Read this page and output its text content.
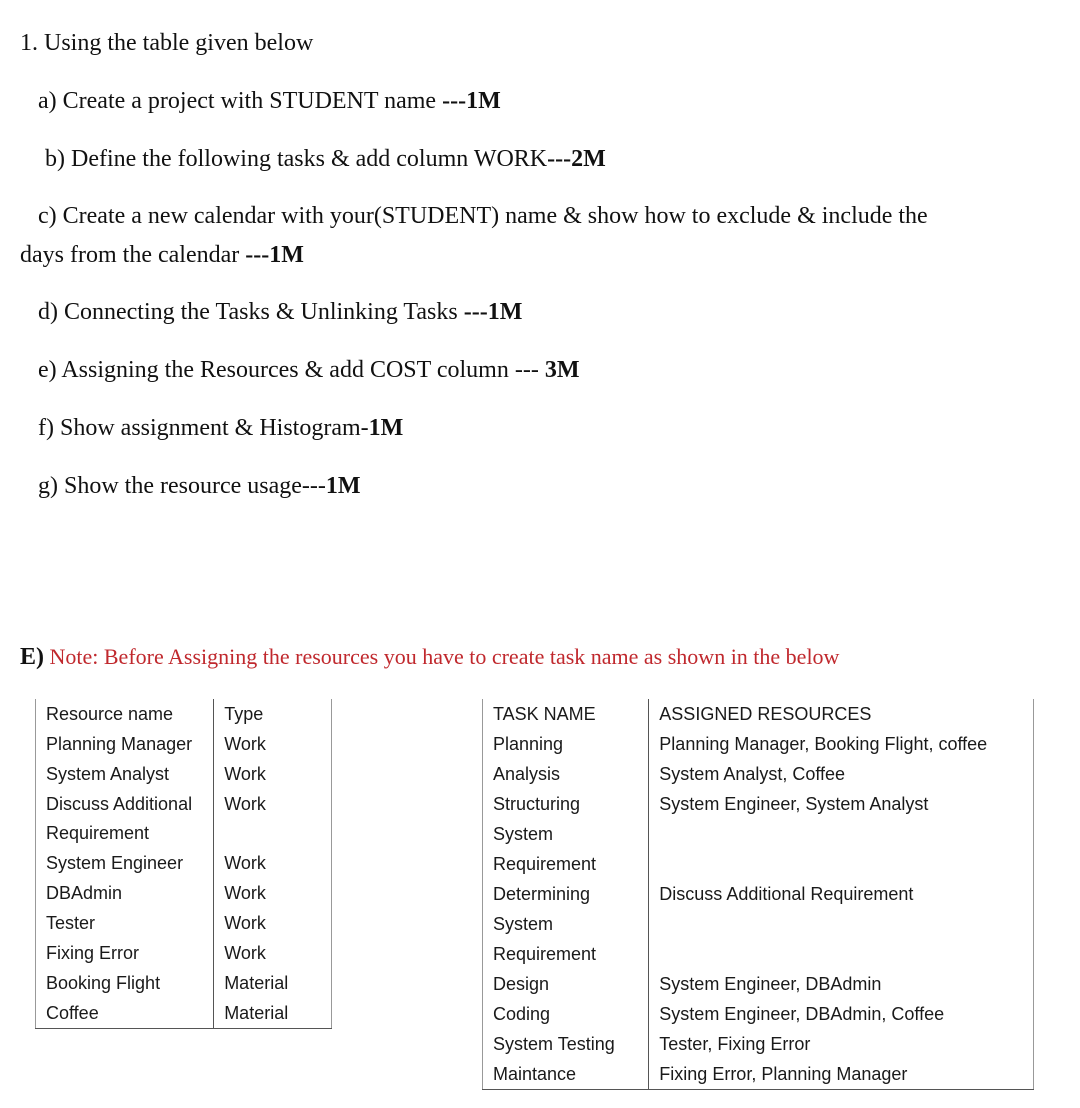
1. Using the table given below
a) Create a project with STUDENT name ---1M
b) Define the following tasks & add column WORK---2M
c) Create a new calendar with your(STUDENT) name & show how to exclude & include the
days from the calendar ---1M
d) Connecting the Tasks & Unlinking Tasks ---1M
e) Assigning the Resources & add COST column --- 3M
f) Show assignment & Histogram-1M
g) Show the resource usage---1M
E) Note: Before Assigning the resources you have to create task name as shown in the below
Resource name	Type
Planning Manager	Work
System Analyst	Work
Discuss Additional	Work
Requirement	
System Engineer	Work
DBAdmin	Work
Tester	Work
Fixing Error	Work
Booking Flight	Material
Coffee	Material
TASK NAME	ASSIGNED RESOURCES
Planning	Planning Manager, Booking Flight, coffee
Analysis	System Analyst, Coffee
Structuring	System Engineer, System Analyst
System	
Requirement	
Determining	Discuss Additional Requirement
System	
Requirement	
Design	System Engineer, DBAdmin
Coding	System Engineer, DBAdmin, Coffee
System Testing	Tester, Fixing Error
Maintance	Fixing Error, Planning Manager
